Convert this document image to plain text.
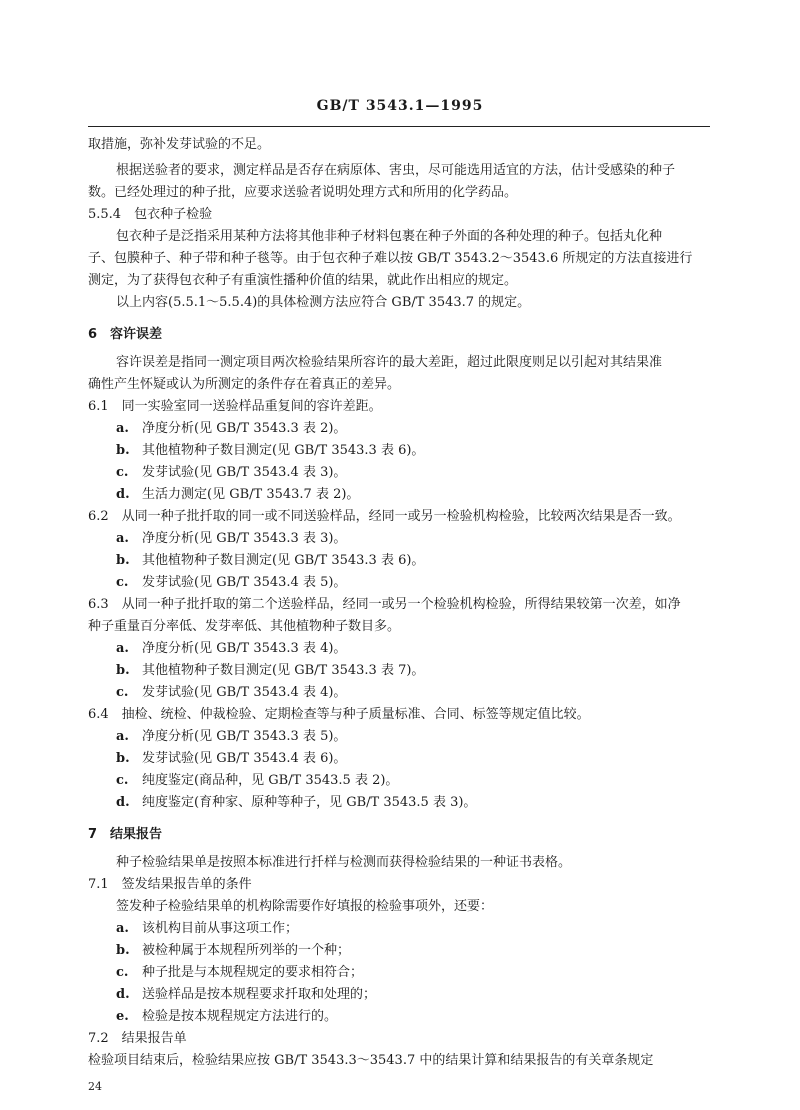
GB/T 3543.1—1995
取措施，弥补发芽试验的不足。
根据送验者的要求，测定样品是否存在病原体、害虫，尽可能选用适宜的方法，估计受感染的种子
数。已经处理过的种子批，应要求送验者说明处理方式和所用的化学药品。
5.5.4　包衣种子检验
包衣种子是泛指采用某种方法将其他非种子材料包裹在种子外面的各种处理的种子。包括丸化种
子、包膜种子、种子带和种子毯等。由于包衣种子难以按 GB/T 3543.2～3543.6 所规定的方法直接进行
测定，为了获得包衣种子有重演性播种价值的结果，就此作出相应的规定。
以上内容(5.5.1～5.5.4)的具体检测方法应符合 GB/T 3543.7 的规定。
6　容许误差
容许误差是指同一测定项目两次检验结果所容许的最大差距，超过此限度则足以引起对其结果准
确性产生怀疑或认为所测定的条件存在着真正的差异。
6.1　同一实验室同一送验样品重复间的容许差距。
a. 净度分析(见 GB/T 3543.3 表 2)。
b. 其他植物种子数目测定(见 GB/T 3543.3 表 6)。
c. 发芽试验(见 GB/T 3543.4 表 3)。
d. 生活力测定(见 GB/T 3543.7 表 2)。
6.2　从同一种子批扦取的同一或不同送验样品，经同一或另一检验机构检验，比较两次结果是否一致。
a. 净度分析(见 GB/T 3543.3 表 3)。
b. 其他植物种子数目测定(见 GB/T 3543.3 表 6)。
c. 发芽试验(见 GB/T 3543.4 表 5)。
6.3　从同一种子批扦取的第二个送验样品，经同一或另一个检验机构检验，所得结果较第一次差，如净
种子重量百分率低、发芽率低、其他植物种子数目多。
a. 净度分析(见 GB/T 3543.3 表 4)。
b. 其他植物种子数目测定(见 GB/T 3543.3 表 7)。
c. 发芽试验(见 GB/T 3543.4 表 4)。
6.4　抽检、统检、仲裁检验、定期检查等与种子质量标准、合同、标签等规定值比较。
a. 净度分析(见 GB/T 3543.3 表 5)。
b. 发芽试验(见 GB/T 3543.4 表 6)。
c. 纯度鉴定(商品种，见 GB/T 3543.5 表 2)。
d. 纯度鉴定(育种家、原种等种子，见 GB/T 3543.5 表 3)。
7　结果报告
种子检验结果单是按照本标准进行扦样与检测而获得检验结果的一种证书表格。
7.1　签发结果报告单的条件
签发种子检验结果单的机构除需要作好填报的检验事项外，还要：
a. 该机构目前从事这项工作；
b. 被检种属于本规程所列举的一个种；
c. 种子批是与本规程规定的要求相符合；
d. 送验样品是按本规程要求扦取和处理的；
e. 检验是按本规程规定方法进行的。
7.2　结果报告单
检验项目结束后，检验结果应按 GB/T 3543.3～3543.7 中的结果计算和结果报告的有关章条规定
24
